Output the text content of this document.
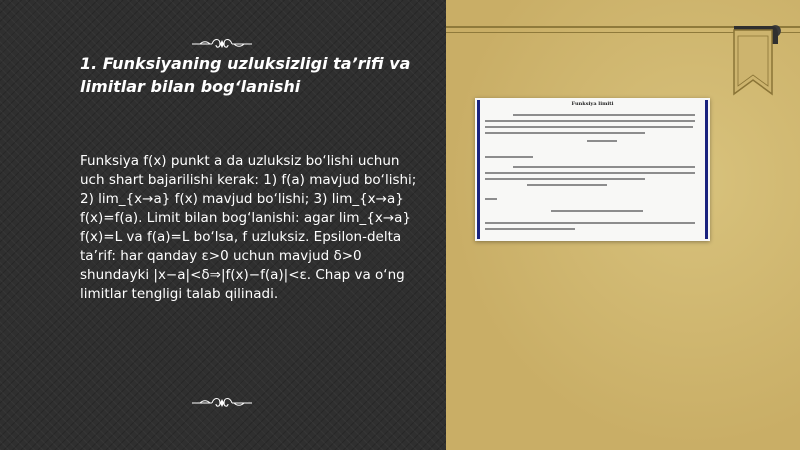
1. Funksiyaning uzluksizligi ta’rifi va limitlar bilan bog‘lanishi
Funksiya f(x) punkt a da uzluksiz bo‘lishi uchun uch shart bajarilishi kerak: 1) f(a) mavjud bo‘lishi; 2) lim_{x→a} f(x) mavjud bo‘lishi; 3) lim_{x→a} f(x)=f(a). Limit bilan bog‘lanishi: agar lim_{x→a} f(x)=L va f(a)=L bo‘lsa, f uzluksiz. Epsilon-delta ta’rif: har qanday ε>0 uchun mavjud δ>0 shundayki |x−a|<δ⇒|f(x)−f(a)|<ε. Chap va o‘ng limitlar tengligi talab qilinadi.
Funksiya limiti
